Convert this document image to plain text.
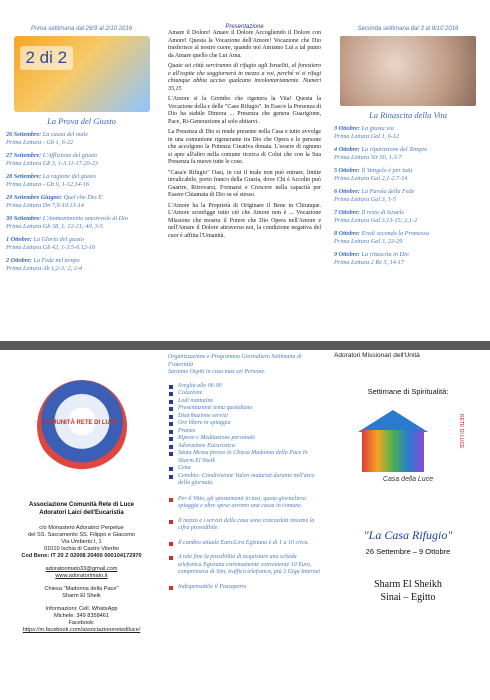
Prima settimana dal 26/9 al 2/10 2016
2 di 2
La Prova del Giusto
26 Settembre: La causa del male
Prima Lettura - Gb 1, 6-22
27 Settembre: L'Afflizione del giusto
Prima Lettura Gb 3, 1-3.11-17.20-23
28 Settembre: La ragione del giusto
Prima Lettura - Gb 9, 1-12.14-16
29 Settembre Giugno: Quel che Dio E'
Prima Lettura Dn 7,9-10.13-14
30 Settembre: L'Ammonimento amorevole di Dio
Prima Lettura Gb 38, 1. 12-21; 40, 3-5
1 Ottobre: La Gloria del giusto
Prima Lettura Gb 42, 1-3.5-6.12-16
2 Ottobre: La Fede nel tempo
Prima Lettura Ab 1,2-3; 2, 2-4
Presentazione

Amare il Dolore! Amare il Dolore Accogliendo il Dolore con Amore! Questa la Vocazione dell'Amore! Vocazione che Dio trasferisce al nostro cuore, quando noi Amiamo Lui a tal punto da Amare quello che Lui Ama.

Quate sei città serviranno di rifugio agli Israeliti, al forestiero e all'ospite che soggiornerà in mezzo a voi, perché vi si rifugi chiunque abbia ucciso qualcuno involontariamente. Numeri 35,15

L'Amore si fa Grembo che rigenera la Vita! Questa la Vocazione della e delle "Case Rifugio". In Esse/e la Presenza di Dio ha stabile Dimora ... Presenza che genera Guarigione, Pace, Ri-Generazione al solo abitarvi.

La Presenza di Dio si rende presente nella Casa e tutto avvolge in una comunione rigenerante tra Dio che Opera e le persone che accolgono la Potenza Creativa donata. L'essere di ognuno si apre all'altro nella comune ricerca di Colui che con la Sua Presenza fa nuove tutte le cose.

"Casa/e Rifugio" Oasi, in cui il male non può entrare, limite invalicabile, porto franco della Grazia, dove Chi è Accolto può Guarire, Ritrovarsi, Formarsi e Crescere nella capacità per Essere Chiamata di Dio su sé stesso.

L'Amore ha la Proprietà di Originare il Bene in Chiunque. L'Amore sconfigge tutto ciò che Amore non è ... Vocazione Missione che mostra il Potere che Dio Opera nell'Amore e nell'Amare il Dolore attraverso noi, la condizione negativa del cuor è affitta l'Umanità.

Seconda settimana dal 3 al 9/10 2016
La Rinascita della Vita
3 Ottobre: La giusta via
Prima Lettura Gal 1, 6-12
4 Ottobre: La riparazione del Tempio
Prima Lettura Sir 50, 1.3-7
5 Ottobre: Il Vangelo è per tutti
Prima Lettura Gal 2,1-2.7-14
6 Ottobre: La Parola della Fede
Prima Lettura Gal 3, 1-5
7 Ottobre: Il resto di Israele
Prima Lettura Gal 3,13-15; 2,1-2
8 Ottobre: Eredi secondo la Promessa
Prima Lettura Gal 3, 22-29
9 Ottobre: La rinascita in Dio
Prima Lettura 2 Re 5, 14-17
COMUNITÀ RETE DI LUCE
Associazione Comunità Rete di Luce
Adoratori Laici dell'Eucaristia
c/o Monastero Adoratrici Perpetue
del SS. Sacramento SS. Filippo e Giacomo
Via Umberto I, 1
01010 Ischia di Castro Viterbo
Cod Bene: IT 20 Z 02008 20400 000104172970
adoratorimato33@gmail.com
www.adoratorimato.it
Chiesa "Madonna della Pace"
Sharm El Sheik
Informazioni: Cell. WhatsApp
Michele: 349 8358461
Facebook:
https://m.facebook.com/associazioneretediluce/
Organizzazione e Programma Giornaliero Settimana di Fraternità
Saranno Ospiti in casa max sei Persone.
Sveglia alle 06:00
Colazione
Lodi mattutine
Presentazione tema quotidiano
Distribuzione servizi
Ore libere in spiaggia
Pranzo
Riposo e Meditazione personale
Adorazione Eucaristica
Santa Messa presso la Chiesa Madonna della Pace In Sharm El Sheik
Cena
Cenobio: Condivisione Valori maturati durante nell'arco della giornata.
Per il Vitto, gli spostamenti in taxi, quota giornaliera spiaggia e altre spese avremo una cassa in comune.
Il mezzo e i servizi della casa sono concordati insieme la cifra prevedibile.
Il cambio attuale Euro/Lira Egiziana è di 1 a 10 circa.
A tale fine la possibilità di acquistare una scheda telefonica Egiziana estremamente conveniente 10 Euro, comprensiva di Sim, traffico telefonico, più 2 Giga Internet
Indispensabile il Passaporto
Adoratori Missionari dell'Unità
Settimane di Spiritualità:
RETE DI LUCE
Casa della Luce
"La Casa Rifugio"
26 Settembre – 9 Ottobre
Sharm El Sheikh
Sinai – Egitto
